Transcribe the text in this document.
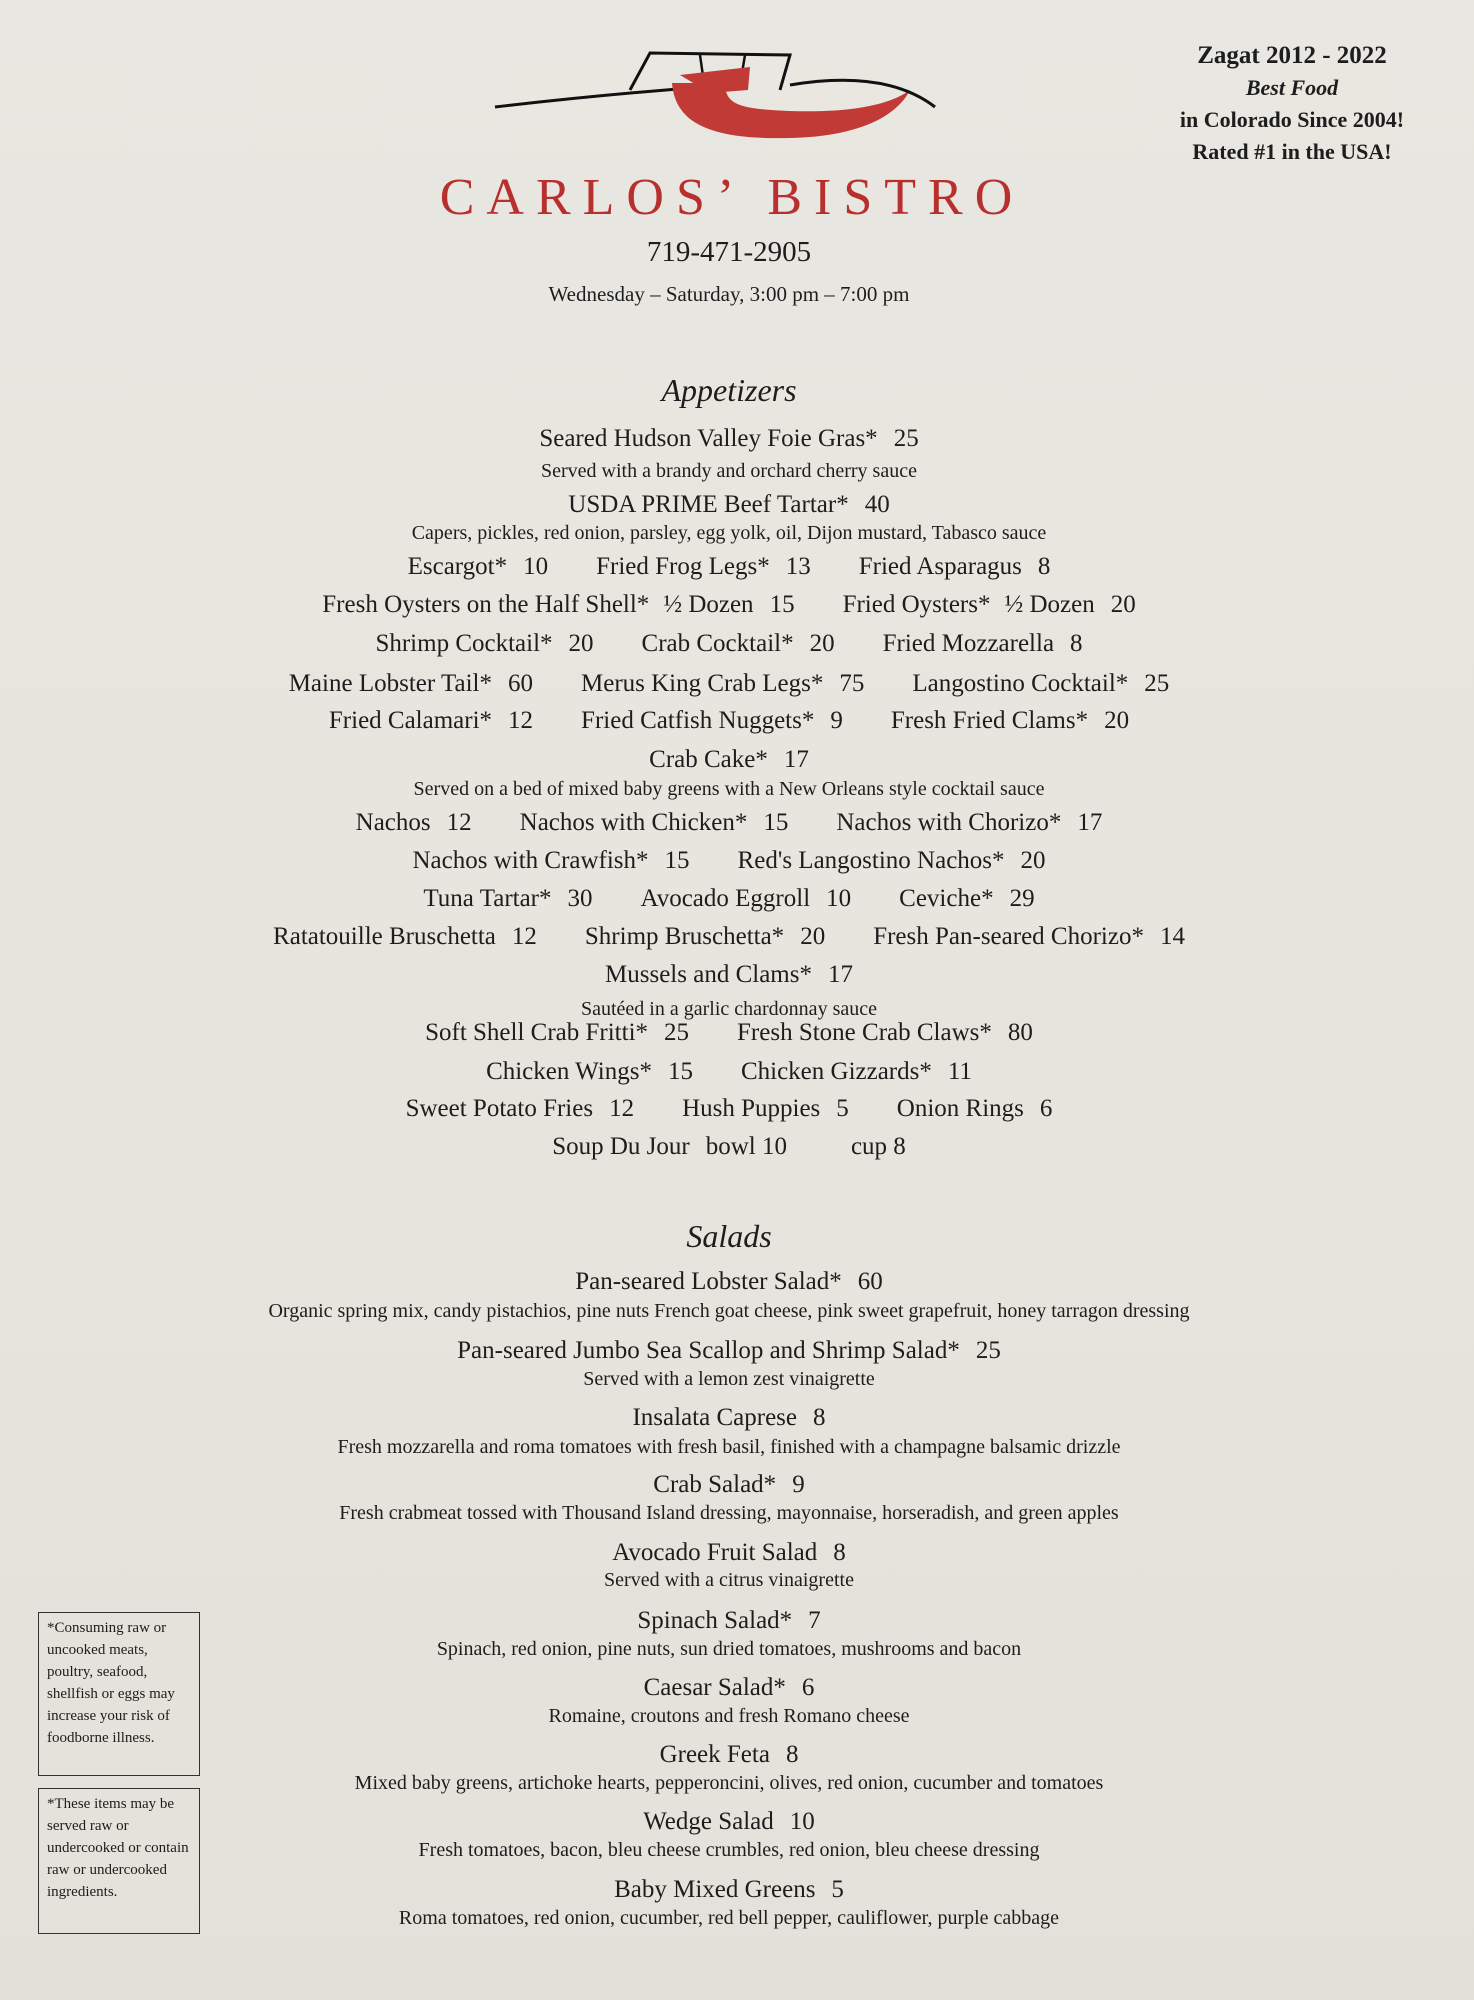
CARLOS’ BISTRO
719-471-2905
Wednesday – Saturday, 3:00 pm – 7:00 pm
Zagat 2012 - 2022
Best Food
in Colorado Since 2004!
Rated #1 in the USA!
Appetizers
Seared Hudson Valley Foie Gras* 25
Served with a brandy and orchard cherry sauce
USDA PRIME Beef Tartar* 40
Capers, pickles, red onion, parsley, egg yolk, oil, Dijon mustard, Tabasco sauce
Escargot* 10 Fried Frog Legs* 13 Fried Asparagus 8
Fresh Oysters on the Half Shell* ½ Dozen 15 Fried Oysters* ½ Dozen 20
Shrimp Cocktail* 20 Crab Cocktail* 20 Fried Mozzarella 8
Maine Lobster Tail* 60 Merus King Crab Legs* 75 Langostino Cocktail* 25
Fried Calamari* 12 Fried Catfish Nuggets* 9 Fresh Fried Clams* 20
Crab Cake* 17
Served on a bed of mixed baby greens with a New Orleans style cocktail sauce
Nachos 12 Nachos with Chicken* 15 Nachos with Chorizo* 17
Nachos with Crawfish* 15 Red's Langostino Nachos* 20
Tuna Tartar* 30 Avocado Eggroll 10 Ceviche* 29
Ratatouille Bruschetta 12 Shrimp Bruschetta* 20 Fresh Pan-seared Chorizo* 14
Mussels and Clams* 17
Sautéed in a garlic chardonnay sauce
Soft Shell Crab Fritti* 25 Fresh Stone Crab Claws* 80
Chicken Wings* 15 Chicken Gizzards* 11
Sweet Potato Fries 12 Hush Puppies 5 Onion Rings 6
Soup Du Jour bowl 10	cup 8
Salads
Pan-seared Lobster Salad* 60
Organic spring mix, candy pistachios, pine nuts French goat cheese, pink sweet grapefruit, honey tarragon dressing
Pan-seared Jumbo Sea Scallop and Shrimp Salad* 25
Served with a lemon zest vinaigrette
Insalata Caprese 8
Fresh mozzarella and roma tomatoes with fresh basil, finished with a champagne balsamic drizzle
Crab Salad* 9
Fresh crabmeat tossed with Thousand Island dressing, mayonnaise, horseradish, and green apples
Avocado Fruit Salad 8
Served with a citrus vinaigrette
Spinach Salad* 7
Spinach, red onion, pine nuts, sun dried tomatoes, mushrooms and bacon
Caesar Salad* 6
Romaine, croutons and fresh Romano cheese
Greek Feta 8
Mixed baby greens, artichoke hearts, pepperoncini, olives, red onion, cucumber and tomatoes
Wedge Salad 10
Fresh tomatoes, bacon, bleu cheese crumbles, red onion, bleu cheese dressing
Baby Mixed Greens 5
Roma tomatoes, red onion, cucumber, red bell pepper, cauliflower, purple cabbage
*Consuming raw or uncooked meats, poultry, seafood, shellfish or eggs may increase your risk of foodborne illness.
*These items may be served raw or undercooked or contain raw or undercooked ingredients.
